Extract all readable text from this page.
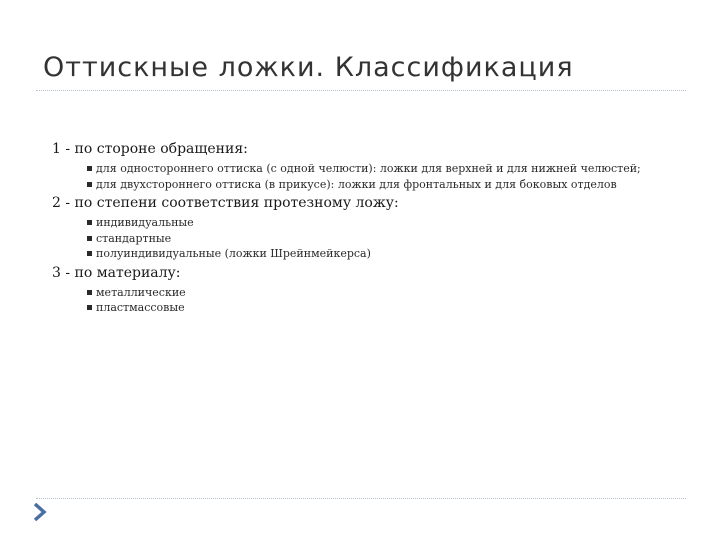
Оттискные ложки. Классификация
1 - по стороне обращения:
для одностороннего оттиска (с одной челюсти): ложки для верхней и для нижней челюстей;
для двухстороннего оттиска (в прикусе): ложки для фронтальных и для боковых отделов
2 - по степени соответствия протезному ложу:
индивидуальные
стандартные
полуиндивидуальные (ложки Шрейнмейкерса)
3 - по материалу:
металлические
пластмассовые
